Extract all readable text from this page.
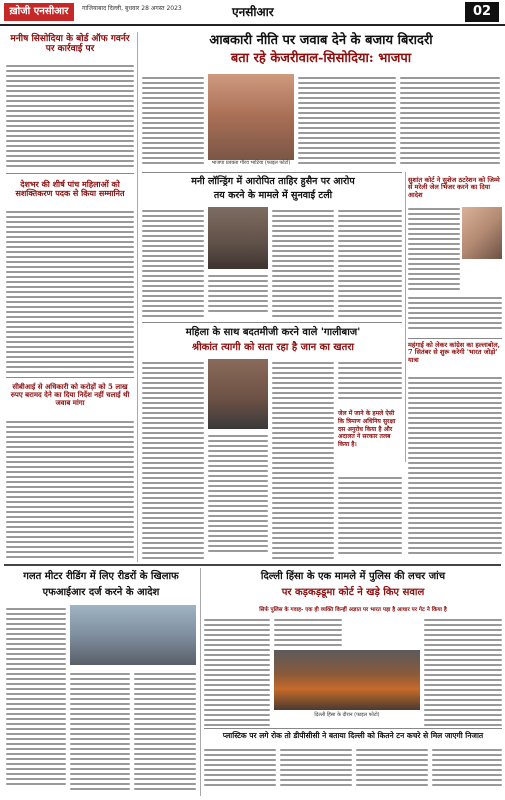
ख़ोजी एनसीआर	गाजियाबाद दिल्ली, बुधवार 28 अगस्त 2023	एनसीआर	02
मनीष सिसोदिया के बोर्ड ऑफ गवर्नर पर कार्रवाई पर
देशभर की शीर्ष पांच महिलाओं को सशक्तिकरण पदक से किया सम्मानित
सीबीआई से अधिकारी को करोड़ों को 5 लाख रुपए बरामद देने का दिया निर्देश नहीं चलाई थी जवाब मांगा
आबकारी नीति पर जवाब देने के बजाय बिरादरी
बता रहे केजरीवाल-सिसोदिया: भाजपा
भाजपा प्रवक्ता गौरव भाटिया (फाइल फोटो)
मनी लॉन्ड्रिंग में आरोपित ताहिर हुसैन पर आरोप
तय करने के मामले में सुनवाई टली
सुशांत कोर्ट ने सुशेज ठटरेशन को जिम्मे से मरेली जेल भिजर करने का दिया आदेश
महिला के साथ बदतमीजी करने वाले 'गालीबाज'
श्रीकांत त्यागी को सता रहा है जान का खतरा
जेल में जाने के हमले ऐसी कि त्रिमाण अधिनिय सुरक्षा दस अनुरोध किया है और अदालत ने सरकार तलब किया है।
महंगाई को लेकर कांग्रेस का हल्लाबोल, 7 सितंबर से शुरू करेगी 'भारत जोड़ो' यात्रा
गलत मीटर रीडिंग में लिए रीडरों के खिलाफ
एफआईआर दर्ज करने के आदेश
दिल्ली हिंसा के एक मामले में पुलिस की लचर जांच
पर कड़कड़डूमा कोर्ट ने खड़े किए सवाल
सिर्फ पुलिस के गवाह- एक ही व्यक्ति किन्हीं अज्ञात पर भारत पड़ा है आधार पर गेट ने किया है
दिल्ली हिंसा के दौरान (फाइल फोटो)
प्लास्टिक पर लगे रोक तो डीपीसीसी ने बताया दिल्ली को कितने टन कचरे से मिल जाएगी निजात
